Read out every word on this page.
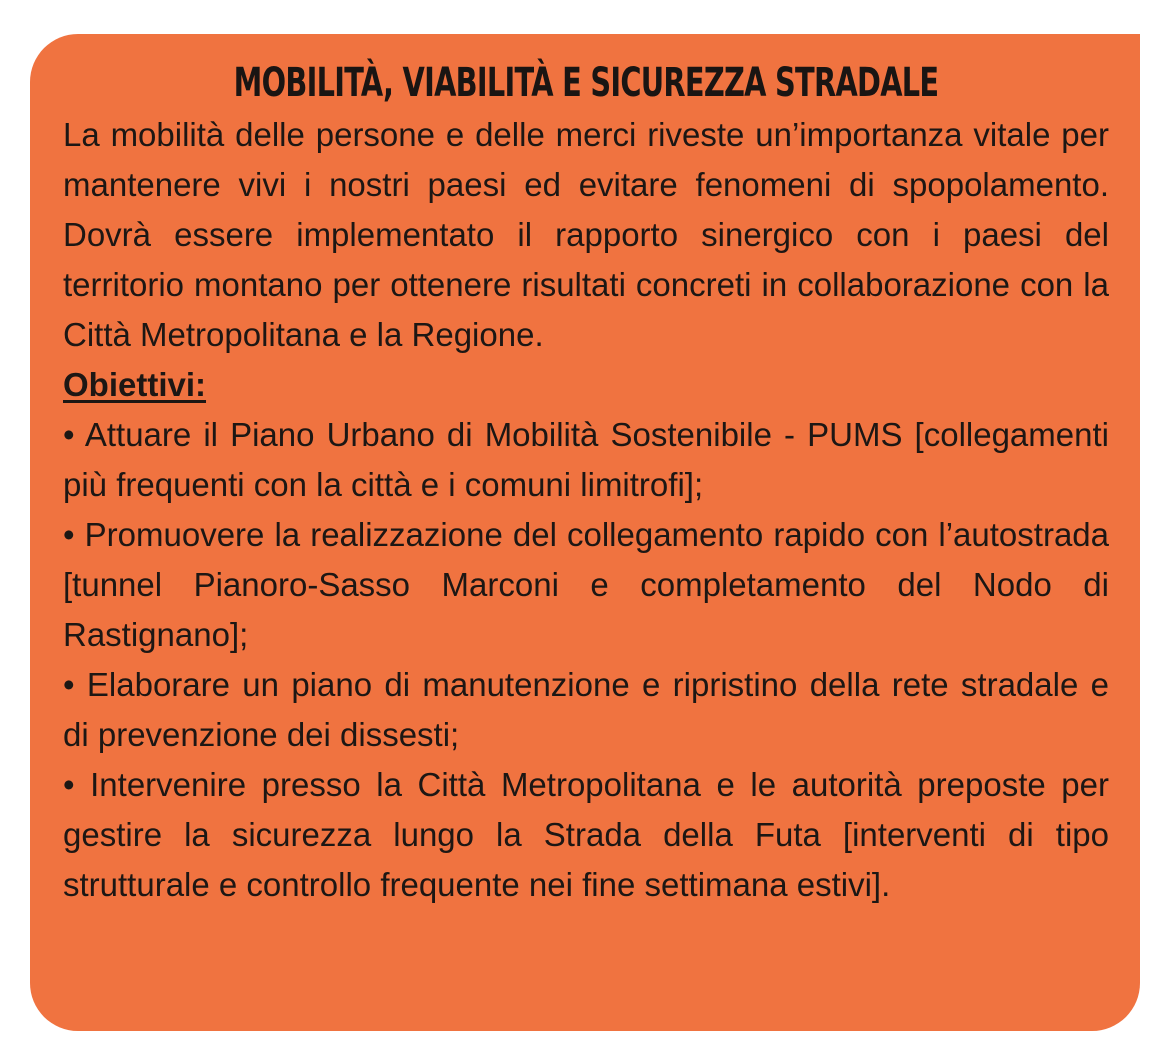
MOBILITÀ, VIABILITÀ E SICUREZZA STRADALE

La mobilità delle persone e delle merci riveste un’importanza vitale per mantenere vivi i nostri paesi ed evitare fenomeni di spopolamento. Dovrà essere implementato il rapporto sinergico con i paesi del territorio montano per ottenere risultati concreti in collaborazione con la Città Metropolitana e la Regione.

Obiettivi:

• Attuare il Piano Urbano di Mobilità Sostenibile - PUMS [collegamenti più frequenti con la città e i comuni limitrofi];

• Promuovere la realizzazione del collegamento rapido con l’autostrada [tunnel Pianoro-Sasso Marconi e completamento del Nodo di Rastignano];

• Elaborare un piano di manutenzione e ripristino della rete stradale e di prevenzione dei dissesti;

• Intervenire presso la Città Metropolitana e le autorità preposte per gestire la sicurezza lungo la Strada della Futa [interventi di tipo strutturale e controllo frequente nei fine settimana estivi].
